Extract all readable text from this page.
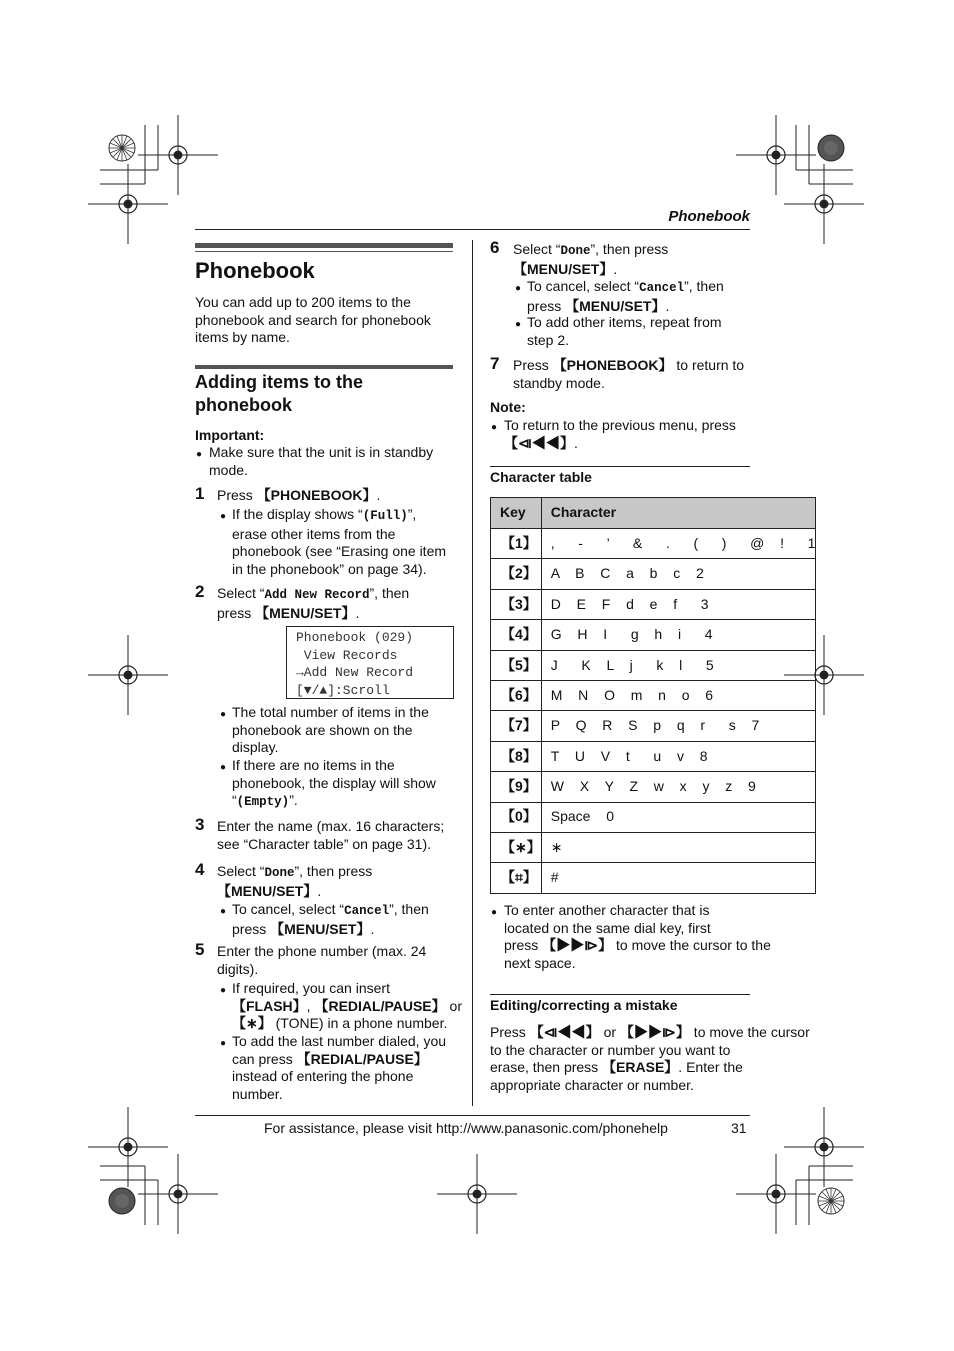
Phonebook
Phonebook
You can add up to 200 items to the
phonebook and search for phonebook
items by name.
Adding items to the
phonebook
Important:
● Make sure that the unit is in standby
mode.
1 Press 【PHONEBOOK】.
● If the display shows “(Full)”,
erase other items from the
phonebook (see “Erasing one item
in the phonebook” on page 34).
2 Select “Add New Record”, then
press 【MENU/SET】.
Phonebook (029)
View Records
→Add New Record
[▼/▲]:Scroll
● The total number of items in the
phonebook are shown on the
display.
● If there are no items in the
phonebook, the display will show
“(Empty)”.
3 Enter the name (max. 16 characters;
see “Character table” on page 31).
4 Select “Done”, then press
【MENU/SET】.
● To cancel, select “Cancel”, then
press 【MENU/SET】.
5 Enter the phone number (max. 24
digits).
● If required, you can insert
【FLASH】, 【REDIAL/PAUSE】 or
【∗】 (TONE) in a phone number.
● To add the last number dialed, you
can press 【REDIAL/PAUSE】
instead of entering the phone
number.
6 Select “Done”, then press
【MENU/SET】.
● To cancel, select “Cancel”, then
press 【MENU/SET】.
● To add other items, repeat from
step 2.
7 Press 【PHONEBOOK】 to return to
standby mode.
Note:
● To return to the previous menu, press
【⧏◀◀】.
Character table
Key	Character
【1】	,   -   ’   &   .   (   )   @  !   1
【2】	A  B  C  a  b  c  2
【3】	D  E  F  d  e  f   3
【4】	G  H  I   g  h  i   4
【5】	J   K  L  j   k  l   5
【6】	M  N  O  m  n  o  6
【7】	P  Q  R  S  p  q  r   s  7
【8】	T  U  V  t   u  v  8
【9】	W  X  Y  Z  w  x  y  z  9
【0】	Space  0
【∗】	∗
【⌗】	#
● To enter another character that is
located on the same dial key, first
press 【▶▶⧐】 to move the cursor to the
next space.
Editing/correcting a mistake
Press 【⧏◀◀】 or 【▶▶⧐】 to move the cursor
to the character or number you want to
erase, then press 【ERASE】. Enter the
appropriate character or number.
For assistance, please visit http://www.panasonic.com/phonehelp	31
